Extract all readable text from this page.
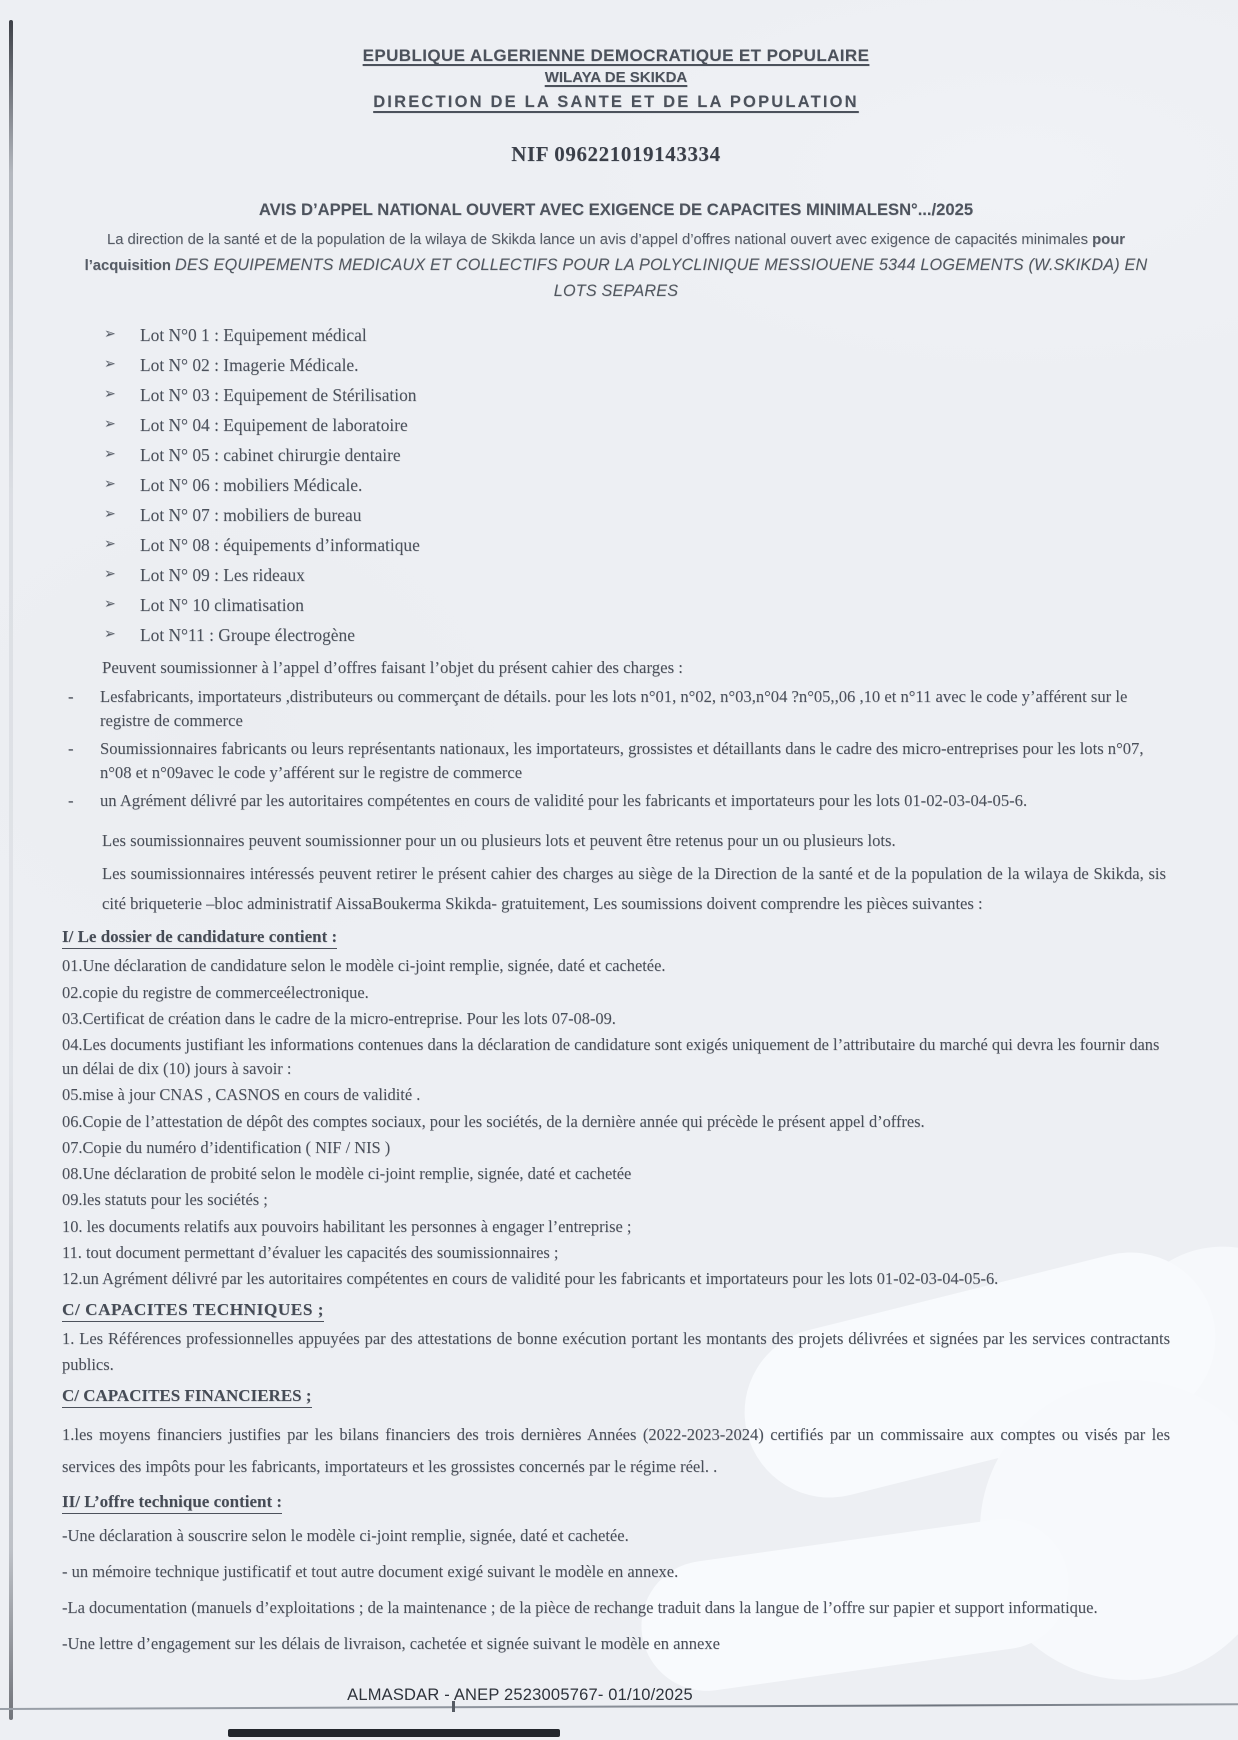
EPUBLIQUE ALGERIENNE DEMOCRATIQUE ET POPULAIRE

WILAYA DE SKIKDA

DIRECTION DE LA SANTE ET DE LA POPULATION

NIF 096221019143334

AVIS D’APPEL NATIONAL OUVERT AVEC EXIGENCE DE CAPACITES MINIMALESN°.../2025

La direction de la santé et de la population de la wilaya de Skikda lance un avis d’appel d’offres national ouvert avec exigence de capacités minimales pour l’acquisition DES EQUIPEMENTS MEDICAUX ET COLLECTIFS POUR LA POLYCLINIQUE MESSIOUENE 5344 LOGEMENTS (W.SKIKDA) EN LOTS SEPARES

➢	Lot N°0 1 : Equipement médical
➢	Lot N° 02 : Imagerie Médicale.
➢	Lot N° 03 : Equipement de Stérilisation
➢	Lot N° 04 : Equipement de laboratoire
➢	Lot N° 05 : cabinet chirurgie dentaire
➢	Lot N° 06 : mobiliers Médicale.
➢	Lot N° 07 : mobiliers de bureau
➢	Lot N° 08 : équipements d’informatique
➢	Lot N° 09 : Les rideaux
➢	Lot N° 10 climatisation
➢	Lot N°11 : Groupe électrogène

Peuvent soumissionner à l’appel d’offres faisant l’objet du présent cahier des charges :

- Lesfabricants, importateurs ,distributeurs ou commerçant de détails. pour les lots n°01, n°02, n°03,n°04 ?n°05,,06 ,10 et n°11 avec le code y’afférent sur le registre de commerce
- Soumissionnaires fabricants ou leurs représentants nationaux, les importateurs, grossistes et détaillants dans le cadre des micro-entreprises pour les lots n°07, n°08 et n°09avec le code y’afférent sur le registre de commerce
- un Agrément délivré par les autoritaires compétentes en cours de validité pour les fabricants et importateurs pour les lots 01-02-03-04-05-6.

Les soumissionnaires peuvent soumissionner pour un ou plusieurs lots et peuvent être retenus pour un ou plusieurs lots.

Les soumissionnaires intéressés peuvent retirer le présent cahier des charges au siège de la Direction de la santé et de la population de la wilaya de Skikda, sis cité briqueterie –bloc administratif AissaBoukerma Skikda- gratuitement, Les soumissions doivent comprendre les pièces suivantes :

I/ Le dossier de candidature contient :

01.Une déclaration de candidature selon le modèle ci-joint remplie, signée, daté et cachetée.

02.copie du registre de commerceélectronique.

03.Certificat de création dans le cadre de la micro-entreprise. Pour les lots 07-08-09.

04.Les documents justifiant les informations contenues dans la déclaration de candidature sont exigés uniquement de l’attributaire du marché qui devra les fournir dans un délai de dix (10) jours à savoir :

05.mise à jour CNAS , CASNOS en cours de validité .

06.Copie de l’attestation de dépôt des comptes sociaux, pour les sociétés, de la dernière année qui précède le présent appel d’offres.

07.Copie du numéro d’identification ( NIF / NIS )

08.Une déclaration de probité selon le modèle ci-joint remplie, signée, daté et cachetée

09.les statuts pour les sociétés ;

10. les documents relatifs aux pouvoirs habilitant les personnes à engager l’entreprise ;

11. tout document permettant d’évaluer les capacités des soumissionnaires ;

12.un Agrément délivré par les autoritaires compétentes en cours de validité pour les fabricants et importateurs pour les lots 01-02-03-04-05-6.

C/ CAPACITES TECHNIQUES ;

1. Les Références professionnelles appuyées par des attestations de bonne exécution portant les montants des projets délivrées et signées par les services contractants publics.

C/ CAPACITES FINANCIERES ;

1.les moyens financiers justifies par les bilans financiers des trois dernières Années (2022-2023-2024) certifiés par un commissaire aux comptes ou visés par les services des impôts pour les fabricants, importateurs et les grossistes concernés par le régime réel. .

II/ L’offre technique contient :

-Une déclaration à souscrire selon le modèle ci-joint remplie, signée, daté et cachetée.

- un mémoire technique justificatif et tout autre document exigé suivant le modèle en annexe.

-La documentation (manuels d’exploitations ; de la maintenance ; de la pièce de rechange traduit dans la langue de l’offre sur papier et support informatique.

-Une lettre d’engagement sur les délais de livraison, cachetée et signée suivant le modèle en annexe

ALMASDAR - ANEP 2523005767- 01/10/2025
